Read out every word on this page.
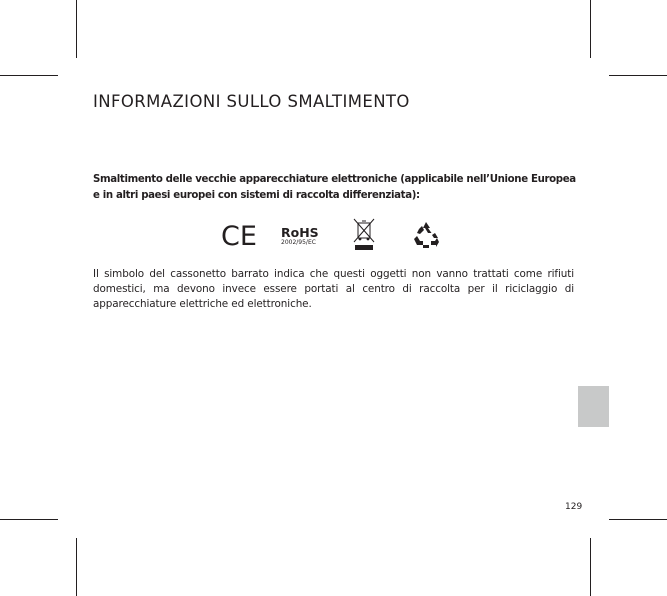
INFORMAZIONI SULLO SMALTIMENTO

Smaltimento delle vecchie apparecchiature elettroniche (applicabile nell’Unione Europea e in altri paesi europei con sistemi di raccolta differenziata):

CE RoHS
2002/95/EC

Il simbolo del cassonetto barrato indica che questi oggetti non vanno trattati come rifiuti domestici, ma devono invece essere portati al centro di raccolta per il riciclaggio di apparecchiature elettriche ed elettroniche.

129
